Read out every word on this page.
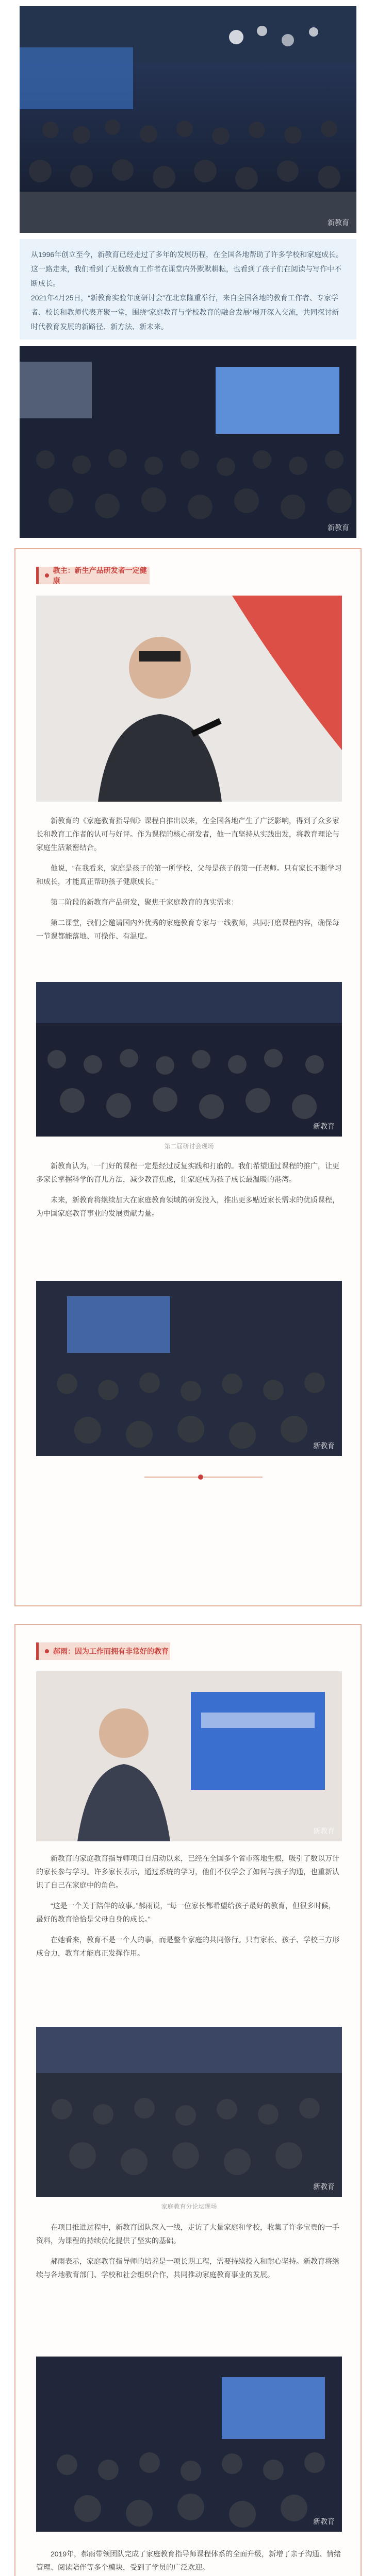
新教育

从1996年创立至今，新教育已经走过了多年的发展历程，在全国各地帮助了许多学校和家庭成长。这一路走来，我们看到了无数教育工作者在课堂内外默默耕耘，也看到了孩子们在阅读与写作中不断成长。

2021年4月25日，“新教育实验年度研讨会”在北京隆重举行，来自全国各地的教育工作者、专家学者、校长和教师代表齐聚一堂，围绕“家庭教育与学校教育的融合发展”展开深入交流，共同探讨新时代教育发展的新路径、新方法、新未来。

新教育
教主：新生产品研发者一定健康

新教育的《家庭教育指导师》课程自推出以来，在全国各地产生了广泛影响，得到了众多家长和教育工作者的认可与好评。作为课程的核心研发者，他一直坚持从实践出发，将教育理论与家庭生活紧密结合。

他说，“在我看来，家庭是孩子的第一所学校，父母是孩子的第一任老师。只有家长不断学习和成长，才能真正帮助孩子健康成长。”

第二阶段的新教育产品研发，聚焦于家庭教育的真实需求：

第二课堂，我们会邀请国内外优秀的家庭教育专家与一线教师，共同打磨课程内容，确保每一节课都能落地、可操作、有温度。

新教育
第二届研讨会现场

新教育认为，一门好的课程一定是经过反复实践和打磨的。我们希望通过课程的推广，让更多家长掌握科学的育儿方法，减少教育焦虑，让家庭成为孩子成长最温暖的港湾。

未来，新教育将继续加大在家庭教育领域的研发投入，推出更多贴近家长需求的优质课程，为中国家庭教育事业的发展贡献力量。

新教育
郝雨：因为工作而拥有非常好的教育
新教育

新教育的家庭教育指导师项目自启动以来，已经在全国多个省市落地生根，吸引了数以万计的家长参与学习。许多家长表示，通过系统的学习，他们不仅学会了如何与孩子沟通，也重新认识了自己在家庭中的角色。

“这是一个关于陪伴的故事。”郝雨说，“每一位家长都希望给孩子最好的教育，但很多时候，最好的教育恰恰是父母自身的成长。”

在她看来，教育不是一个人的事，而是整个家庭的共同修行。只有家长、孩子、学校三方形成合力，教育才能真正发挥作用。

新教育
家庭教育分论坛现场

在项目推进过程中，新教育团队深入一线，走访了大量家庭和学校，收集了许多宝贵的一手资料，为课程的持续优化提供了坚实的基础。

郝雨表示，家庭教育指导师的培养是一项长期工程，需要持续投入和耐心坚持。新教育将继续与各地教育部门、学校和社会组织合作，共同推动家庭教育事业的发展。

新教育

2019年，郝雨带领团队完成了家庭教育指导师课程体系的全面升级，新增了亲子沟通、情绪管理、阅读陪伴等多个模块，受到了学员的广泛欢迎。
